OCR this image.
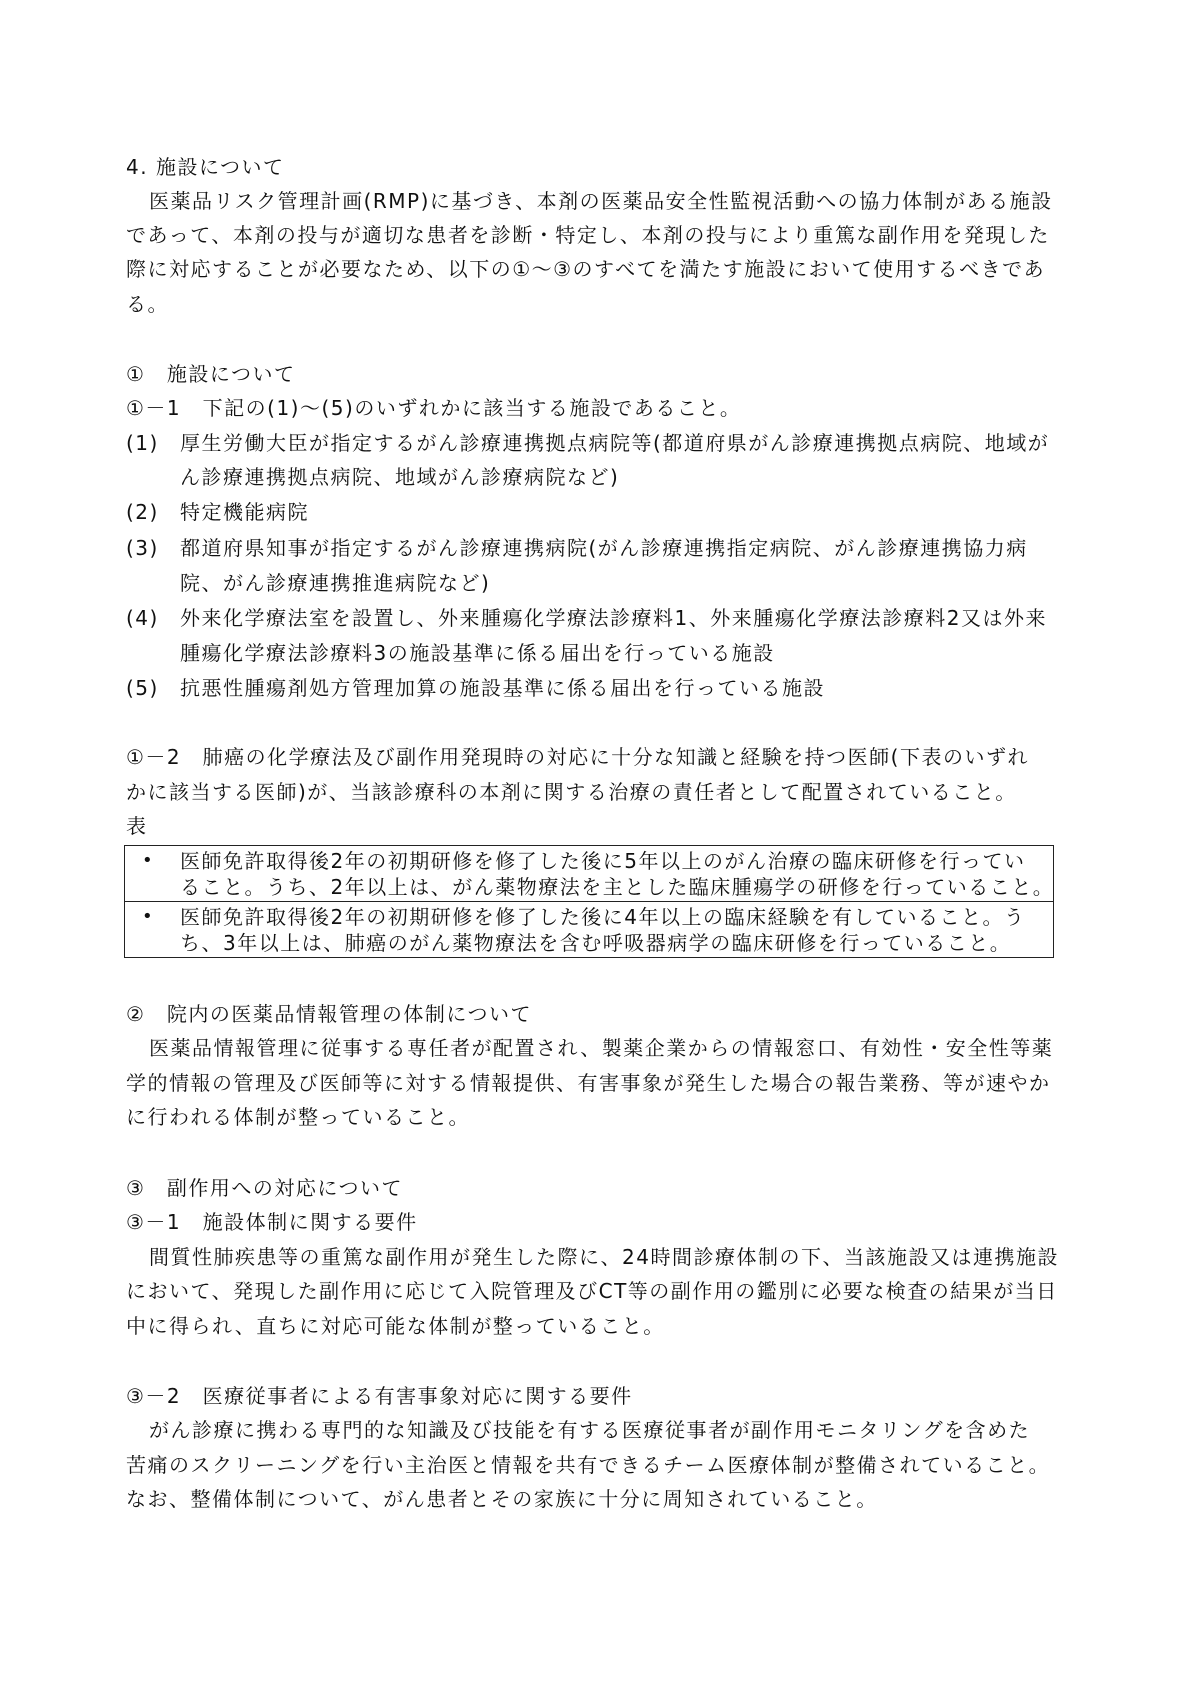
4. 施設について
医薬品リスク管理計画(RMP)に基づき、本剤の医薬品安全性監視活動への協力体制がある施設
であって、本剤の投与が適切な患者を診断・特定し、本剤の投与により重篤な副作用を発現した
際に対応することが必要なため、以下の①～③のすべてを満たす施設において使用するべきであ
る。
①　施設について
①－1　下記の(1)～(5)のいずれかに該当する施設であること。
(1) 厚生労働大臣が指定するがん診療連携拠点病院等(都道府県がん診療連携拠点病院、地域が
ん診療連携拠点病院、地域がん診療病院など)
(2) 特定機能病院
(3) 都道府県知事が指定するがん診療連携病院(がん診療連携指定病院、がん診療連携協力病
院、がん診療連携推進病院など)
(4) 外来化学療法室を設置し、外来腫瘍化学療法診療料1、外来腫瘍化学療法診療料2又は外来
腫瘍化学療法診療料3の施設基準に係る届出を行っている施設
(5) 抗悪性腫瘍剤処方管理加算の施設基準に係る届出を行っている施設
①－2　肺癌の化学療法及び副作用発現時の対応に十分な知識と経験を持つ医師(下表のいずれ
かに該当する医師)が、当該診療科の本剤に関する治療の責任者として配置されていること。
表
• 医師免許取得後2年の初期研修を修了した後に5年以上のがん治療の臨床研修を行ってい
ること。うち、2年以上は、がん薬物療法を主とした臨床腫瘍学の研修を行っていること。
• 医師免許取得後2年の初期研修を修了した後に4年以上の臨床経験を有していること。う
ち、3年以上は、肺癌のがん薬物療法を含む呼吸器病学の臨床研修を行っていること。
②　院内の医薬品情報管理の体制について
医薬品情報管理に従事する専任者が配置され、製薬企業からの情報窓口、有効性・安全性等薬
学的情報の管理及び医師等に対する情報提供、有害事象が発生した場合の報告業務、等が速やか
に行われる体制が整っていること。
③　副作用への対応について
③－1　施設体制に関する要件
間質性肺疾患等の重篤な副作用が発生した際に、24時間診療体制の下、当該施設又は連携施設
において、発現した副作用に応じて入院管理及びCT等の副作用の鑑別に必要な検査の結果が当日
中に得られ、直ちに対応可能な体制が整っていること。
③－2　医療従事者による有害事象対応に関する要件
がん診療に携わる専門的な知識及び技能を有する医療従事者が副作用モニタリングを含めた
苦痛のスクリーニングを行い主治医と情報を共有できるチーム医療体制が整備されていること。
なお、整備体制について、がん患者とその家族に十分に周知されていること。
